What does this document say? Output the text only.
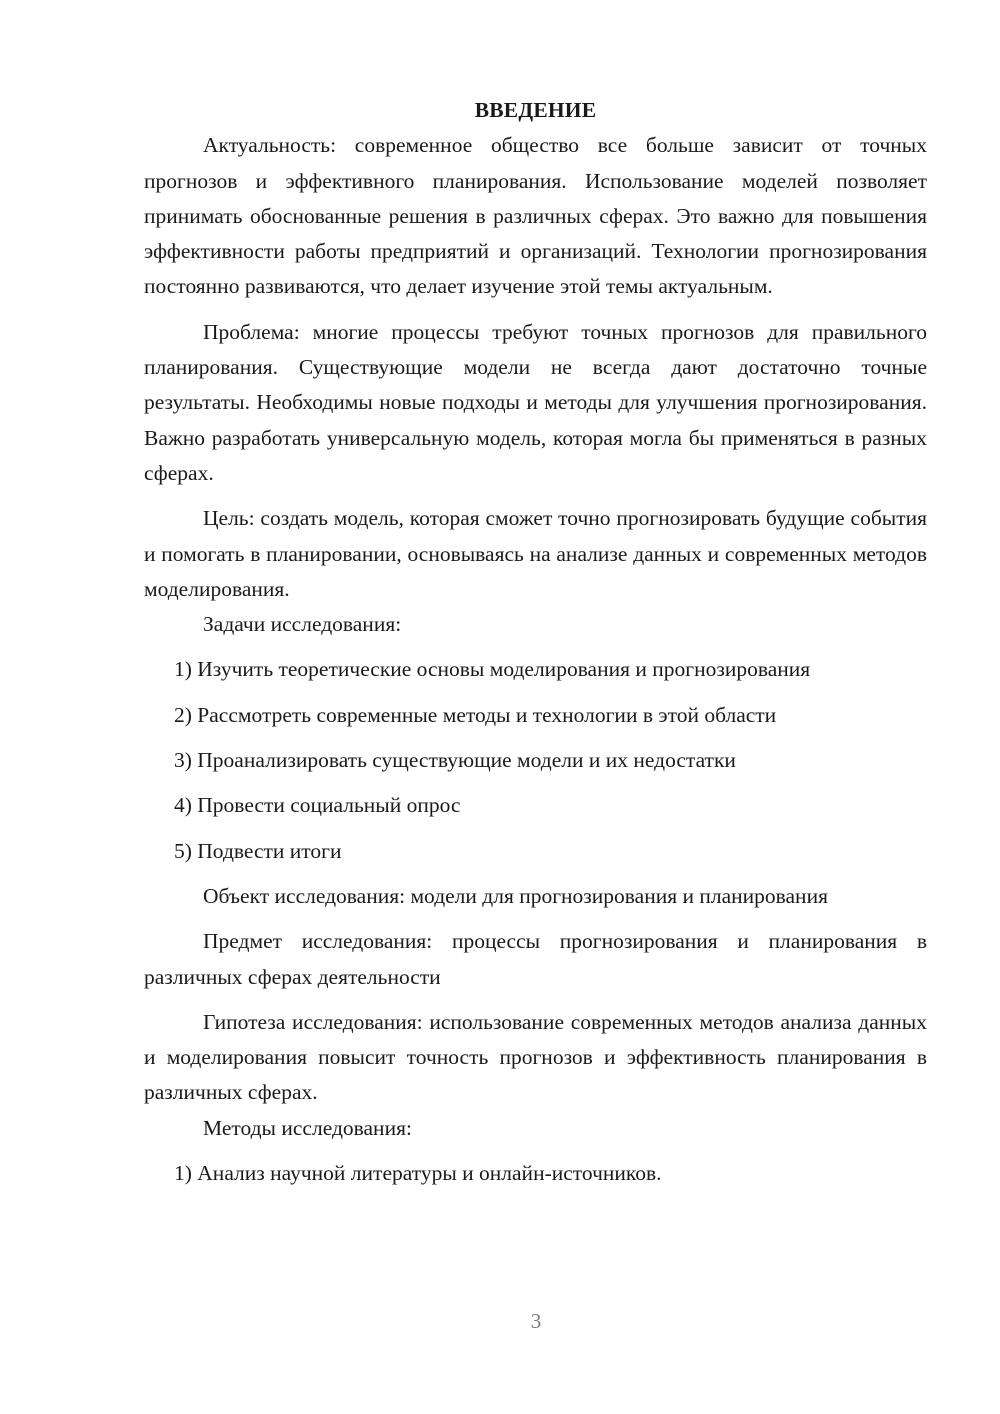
ВВЕДЕНИЕ

Актуальность: современное общество все больше зависит от точных прогнозов и эффективного планирования. Использование моделей позволяет принимать обоснованные решения в различных сферах. Это важно для повышения эффективности работы предприятий и организаций. Технологии прогнозирования постоянно развиваются, что делает изучение этой темы актуальным.

Проблема: многие процессы требуют точных прогнозов для правильного планирования. Существующие модели не всегда дают достаточно точные результаты. Необходимы новые подходы и методы для улучшения прогнозирования. Важно разработать универсальную модель, которая могла бы применяться в разных сферах.

Цель: создать модель, которая сможет точно прогнозировать будущие события и помогать в планировании, основываясь на анализе данных и современных методов моделирования.

Задачи исследования:

1) Изучить теоретические основы моделирования и прогнозирования

2) Рассмотреть современные методы и технологии в этой области

3) Проанализировать существующие модели и их недостатки

4) Провести социальный опрос

5) Подвести итоги

Объект исследования: модели для прогнозирования и планирования

Предмет исследования: процессы прогнозирования и планирования в различных сферах деятельности

Гипотеза исследования: использование современных методов анализа данных и моделирования повысит точность прогнозов и эффективность планирования в различных сферах.

Методы исследования:

1) Анализ научной литературы и онлайн-источников.

3
